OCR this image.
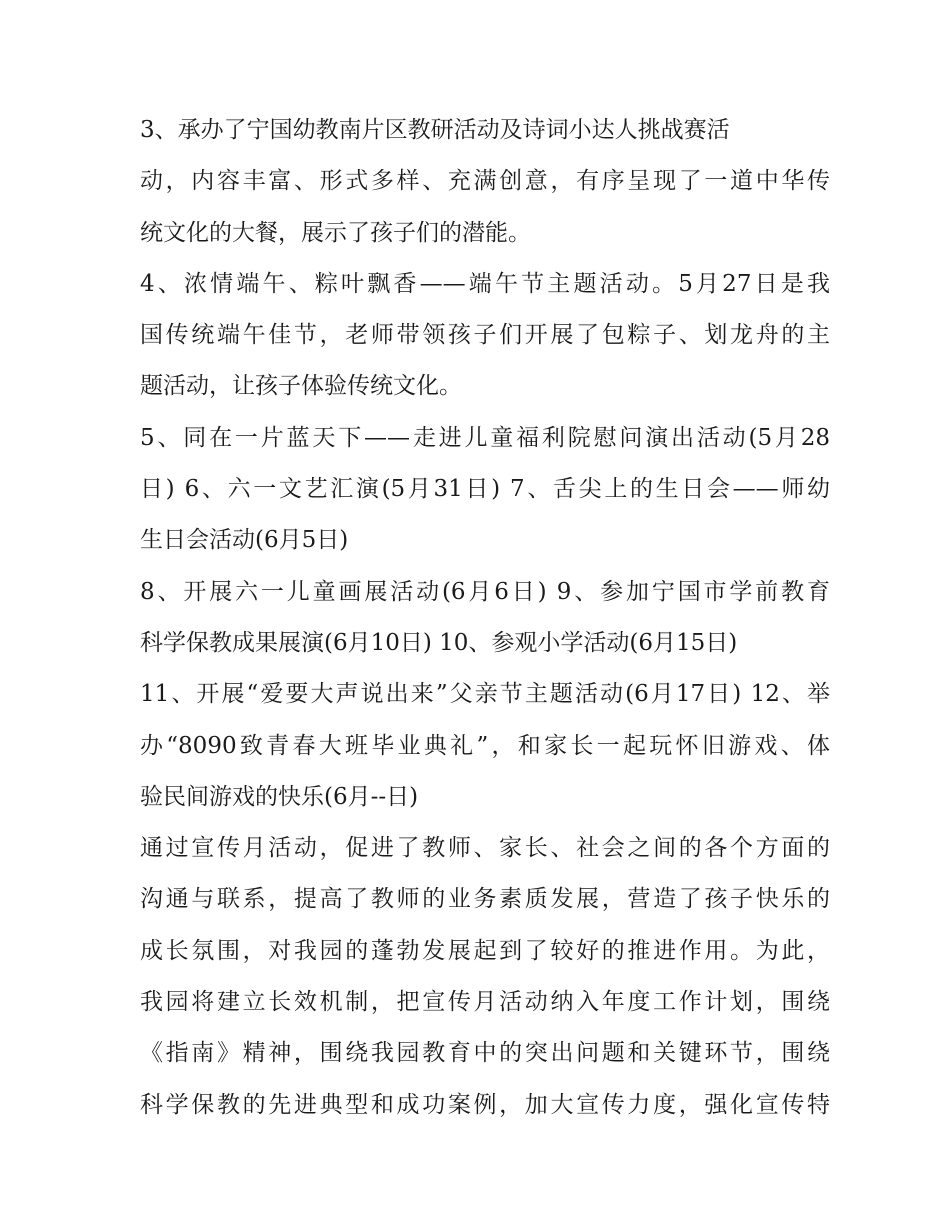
3、承办了宁国幼教南片区教研活动及诗词小达人挑战赛活
动，内容丰富、形式多样、充满创意，有序呈现了一道中华传
统文化的大餐，展示了孩子们的潜能。
4、浓情端午、粽叶飘香——端午节主题活动。5月27日是我
国传统端午佳节，老师带领孩子们开展了包粽子、划龙舟的主
题活动，让孩子体验传统文化。
5、同在一片蓝天下——走进儿童福利院慰问演出活动(5月28
日) 6、六一文艺汇演(5月31日) 7、舌尖上的生日会——师幼
生日会活动(6月5日)
8、开展六一儿童画展活动(6月6日) 9、参加宁国市学前教育
科学保教成果展演(6月10日) 10、参观小学活动(6月15日)
11、开展“爱要大声说出来”父亲节主题活动(6月17日) 12、举
办“8090致青春大班毕业典礼”，和家长一起玩怀旧游戏、体
验民间游戏的快乐(6月--日)
通过宣传月活动，促进了教师、家长、社会之间的各个方面的
沟通与联系，提高了教师的业务素质发展，营造了孩子快乐的
成长氛围，对我园的蓬勃发展起到了较好的推进作用。为此，
我园将建立长效机制，把宣传月活动纳入年度工作计划，围绕
《指南》精神，围绕我园教育中的突出问题和关键环节，围绕
科学保教的先进典型和成功案例，加大宣传力度，强化宣传特
